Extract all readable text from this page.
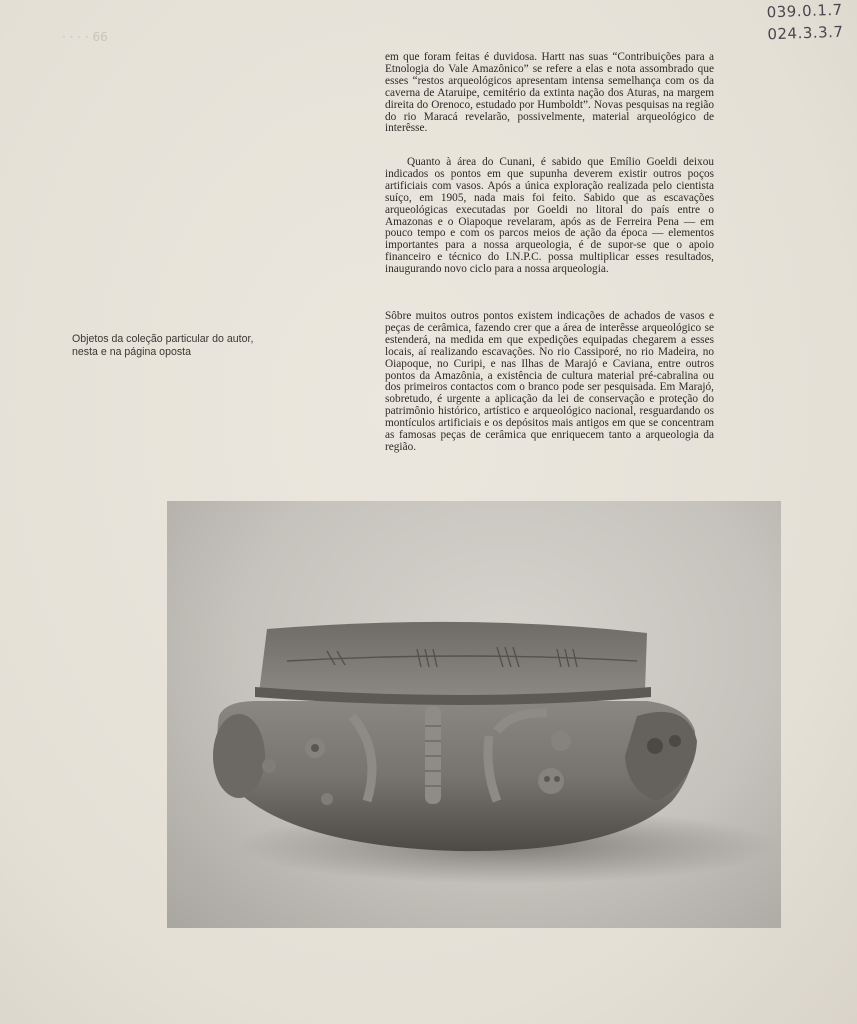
· · · · 66
039.0.1.7
024.3.3.7

em que foram feitas é duvidosa. Hartt nas suas “Contribuições para a Etnologia do Vale Amazônico” se refere a elas e nota assombrado que esses “restos arqueológicos apresentam intensa semelhança com os da caverna de Ataruipe, cemitério da extinta nação dos Aturas, na margem direita do Orenoco, estudado por Humboldt”. Novas pesquisas na região do rio Maracá revelarão, possivelmente, material arqueológico de interêsse.

Quanto à área do Cunani, é sabido que Emílio Goeldi deixou indicados os pontos em que supunha deverem existir outros poços artificiais com vasos. Após a única exploração realizada pelo cientista suíço, em 1905, nada mais foi feito. Sabido que as escavações arqueológicas executadas por Goeldi no litoral do país entre o Amazonas e o Oiapoque revelaram, após as de Ferreira Pena — em pouco tempo e com os parcos meios de ação da época — elementos importantes para a nossa arqueologia, é de supor-se que o apoio financeiro e técnico do I.N.P.C. possa multiplicar esses resultados, inaugurando novo ciclo para a nossa arqueologia.

Sôbre muitos outros pontos existem indicações de achados de vasos e peças de cerâmica, fazendo crer que a área de interêsse arqueológico se estenderá, na medida em que expedições equipadas chegarem a esses locais, aí realizando escavações. No rio Cassiporé, no rio Madeira, no Oiapoque, no Curipi, e nas Ilhas de Marajó e Caviana, entre outros pontos da Amazônia, a existência de cultura material pré-cabralina ou dos primeiros contactos com o branco pode ser pesquisada. Em Marajó, sobretudo, é urgente a aplicação da lei de conservação e proteção do patrimônio histórico, artístico e arqueológico nacional, resguardando os montículos artificiais e os depósitos mais antigos em que se concentram as famosas peças de cerâmica que enriquecem tanto a arqueologia da região.

Objetos da coleção particular do autor, nesta e na página oposta
